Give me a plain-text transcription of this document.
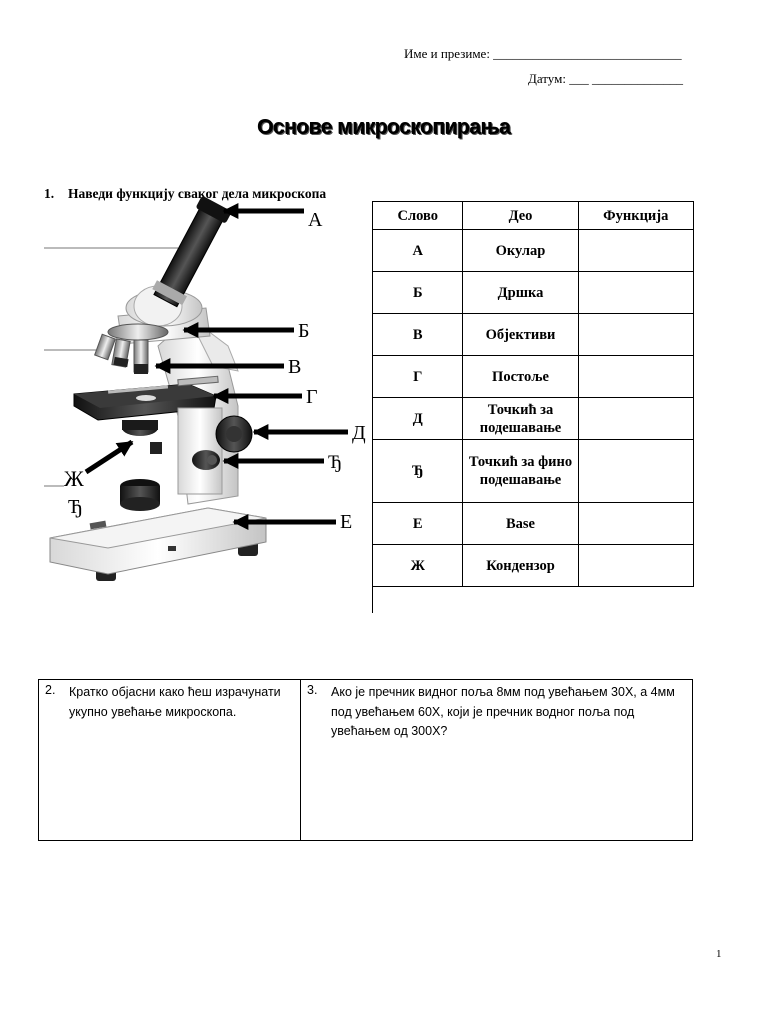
Име и презиме: _____________________________
Датум: ___ ______________
Основе микроскопирања
1. Наведи функцију сваког дела микроскопа
А
Б
В
Г
Д
Ђ
Е
Ж
Ђ
Слово	Део	Функција
А	Окулар	
Б	Дршка	
В	Објективи	
Г	Постоље	
Д	Точкић за подешавање	
Ђ	Точкић за фино подешавање	
Е	Base	
Ж	Кондензор	
2. Кратко објасни како ћеш израчунати укупно увећање микроскопа.
3. Ако је пречник видног поља 8мм под увећањем 30X, а 4мм под увећањем 60X, који је пречник водног поља под увећањем од 300X?
1
